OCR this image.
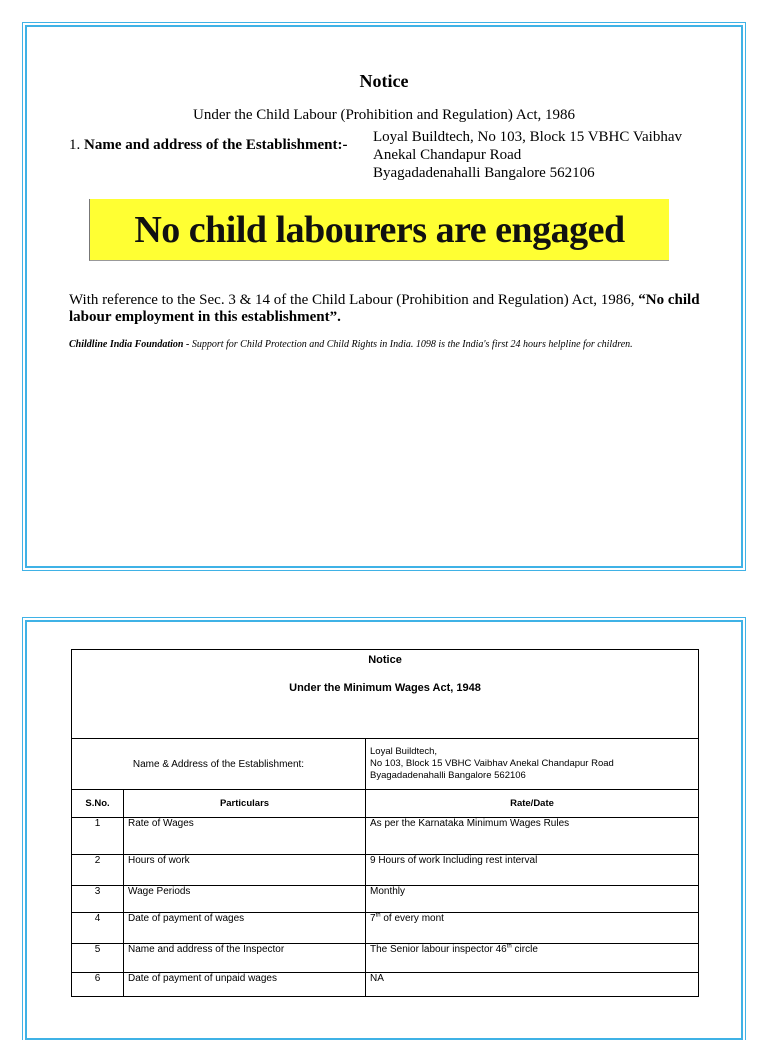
Notice
Under the Child Labour (Prohibition and Regulation) Act, 1986
1. Name and address of the Establishment:- Loyal Buildtech, No 103, Block 15 VBHC Vaibhav
Anekal Chandapur Road
Byagadadenahalli Bangalore 562106
No child labourers are engaged
With reference to the Sec. 3 & 14 of the Child Labour (Prohibition and Regulation) Act, 1986, “No child labour employment in this establishment”.
Childline India Foundation - Support for Child Protection and Child Rights in India. 1098 is the India's first 24 hours helpline for children.
Notice
Under the Minimum Wages Act, 1948		

Name & Address of the Establishment:		Loyal Buildtech,
No 103, Block 15 VBHC Vaibhav Anekal Chandapur Road
Byagadadenahalli Bangalore 562106

S.No.	Particulars	Rate/Date
1	Rate of Wages	As per the Karnataka Minimum Wages Rules
2	Hours of work	9 Hours of work Including rest interval
3	Wage Periods	Monthly
4	Date of payment of wages	7th of every mont
5	Name and address of the Inspector	The Senior labour inspector 46th circle
6	Date of payment of unpaid wages	NA
